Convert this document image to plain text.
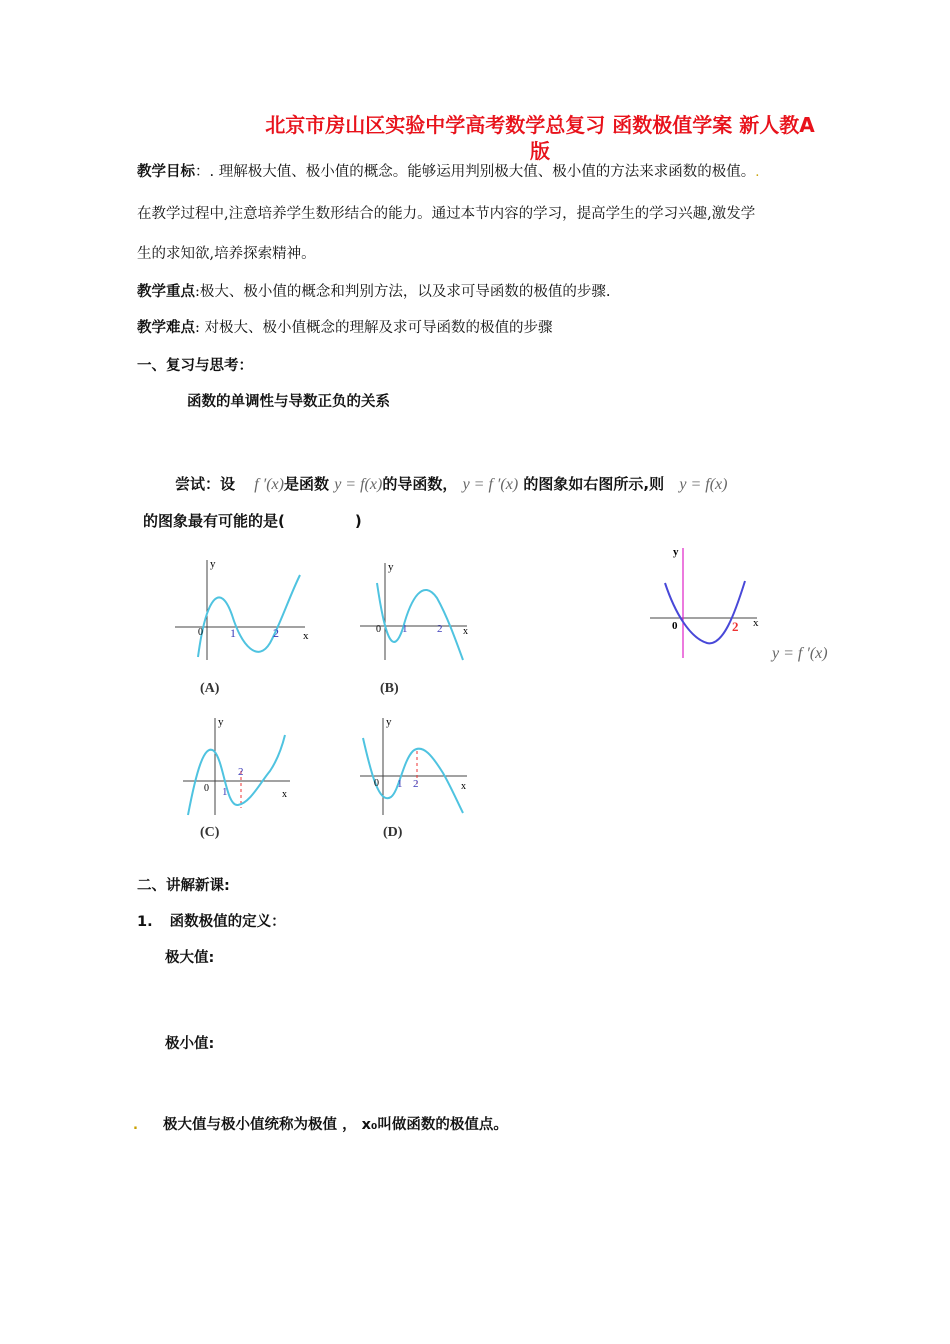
北京市房山区实验中学高考数学总复习 函数极值学案 新人教A
版
教学目标：. 理解极大值、极小值的概念。能够运用判别极大值、极小值的方法来求函数的极值。.
在教学过程中,注意培养学生数形结合的能力。通过本节内容的学习，提高学生的学习兴趣,激发学
生的求知欲,培养探索精神。
教学重点:极大、极小值的概念和判别方法，以及求可导函数的极值的步骤.
教学难点: 对极大、极小值概念的理解及求可导函数的极值的步骤
一、复习与思考：
函数的单调性与导数正负的关系
尝试：设 f ′(x)是函数 y = f(x)的导函数， y = f ′(x) 的图象如右图所示,则 y = f(x)
的图象最有可能的是(	)
y
x
0 1	2
(A)
y
x
0 1	2
(B)
y
x
0 1
2
(C)
y
x
0 1 2
(D)
y
x
0	2
y = f ′(x)
二、讲解新课:
1. 函数极值的定义：
极大值:
极小值:
. 极大值与极小值统称为极值 ， x₀叫做函数的极值点。
